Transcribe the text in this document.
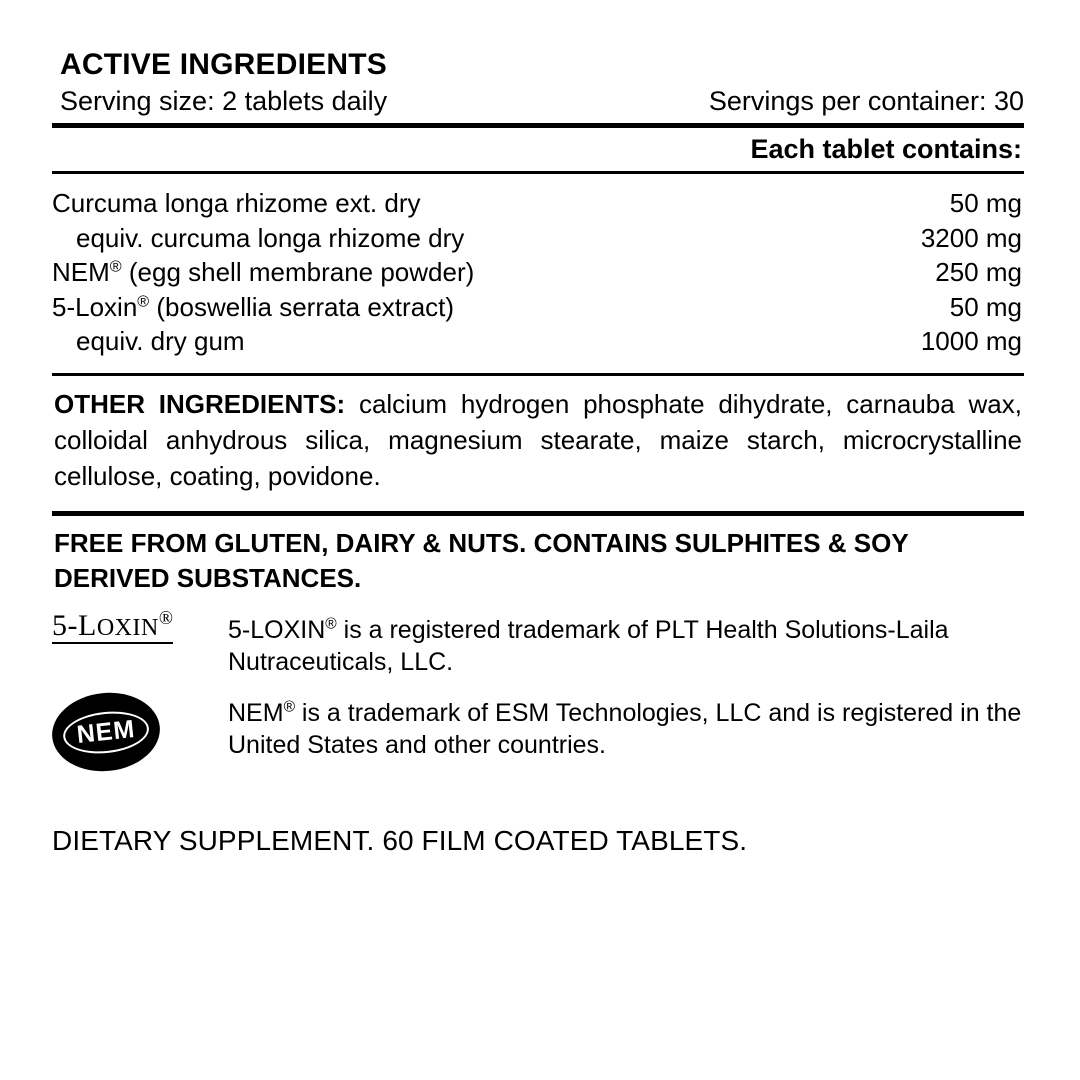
ACTIVE INGREDIENTS
Serving size: 2 tablets daily	Servings per container: 30
Each tablet contains:
Curcuma longa rhizome ext. dry	50 mg
equiv. curcuma longa rhizome dry	3200 mg
NEM® (egg shell membrane powder)	250 mg
5-Loxin® (boswellia serrata extract)	50 mg
equiv. dry gum	1000 mg
OTHER INGREDIENTS: calcium hydrogen phosphate dihydrate, carnauba wax, colloidal anhydrous silica, magnesium stearate, maize starch, microcrystalline cellulose, coating, povidone.
FREE FROM GLUTEN, DAIRY & NUTS. CONTAINS SULPHITES & SOY DERIVED SUBSTANCES.
5-LOXIN® 5-LOXIN® is a registered trademark of PLT Health Solutions-Laila Nutraceuticals, LLC.
NEM
™
NEM® is a trademark of ESM Technologies, LLC and is registered in the United States and other countries.
DIETARY SUPPLEMENT. 60 FILM COATED TABLETS.
